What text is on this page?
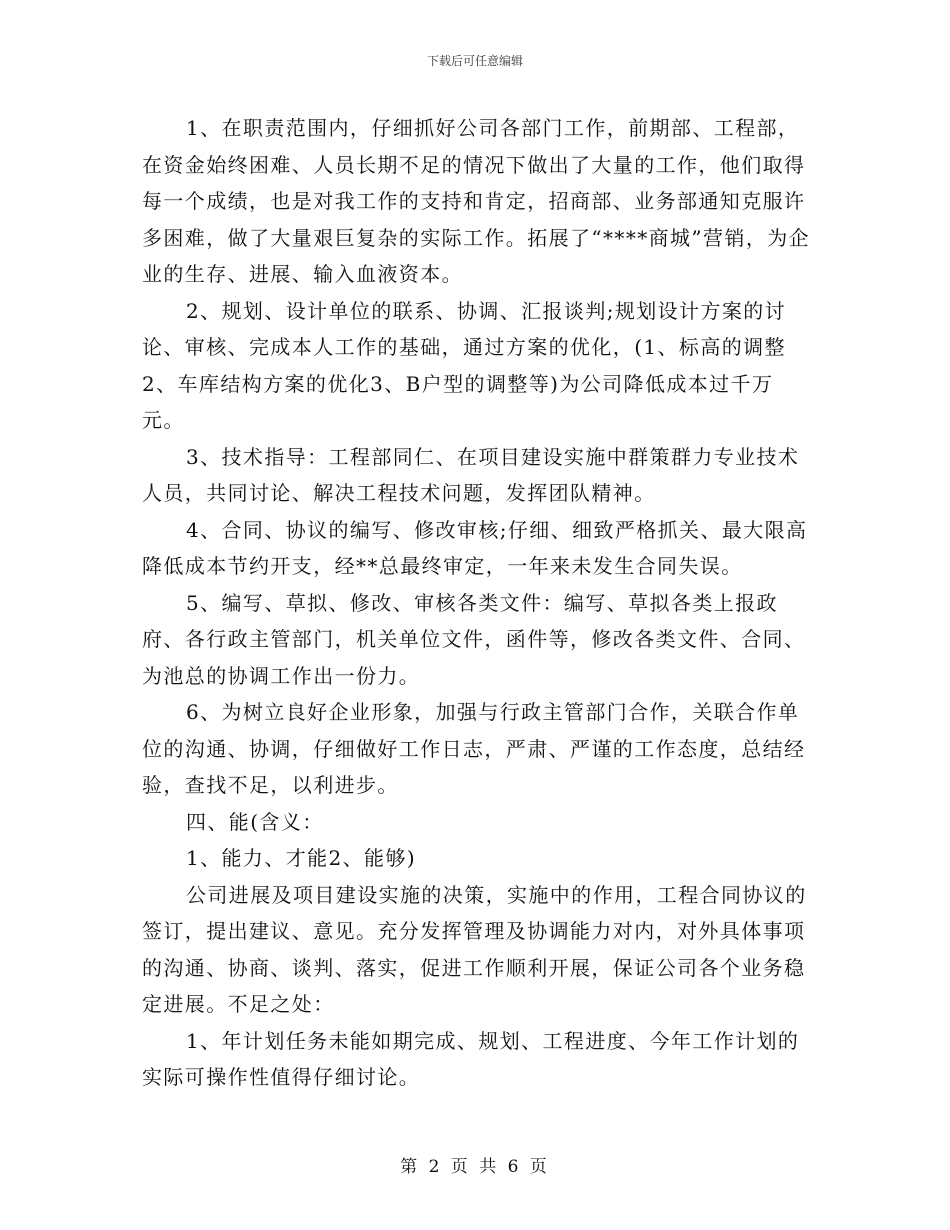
下载后可任意编辑

1、在职责范围内，仔细抓好公司各部门工作，前期部、工程部，在资金始终困难、人员长期不足的情况下做出了大量的工作，他们取得每一个成绩，也是对我工作的支持和肯定，招商部、业务部通知克服许多困难，做了大量艰巨复杂的实际工作。拓展了“****商城”营销，为企业的生存、进展、输入血液资本。

2、规划、设计单位的联系、协调、汇报谈判;规划设计方案的讨论、审核、完成本人工作的基础，通过方案的优化，(1、标高的调整2、车库结构方案的优化3、B户型的调整等)为公司降低成本过千万元。

3、技术指导：工程部同仁、在项目建设实施中群策群力专业技术人员，共同讨论、解决工程技术问题，发挥团队精神。

4、合同、协议的编写、修改审核;仔细、细致严格抓关、最大限高降低成本节约开支，经**总最终审定，一年来未发生合同失误。

5、编写、草拟、修改、审核各类文件：编写、草拟各类上报政府、各行政主管部门，机关单位文件，函件等，修改各类文件、合同、为池总的协调工作出一份力。

6、为树立良好企业形象，加强与行政主管部门合作，关联合作单位的沟通、协调，仔细做好工作日志，严肃、严谨的工作态度，总结经验，查找不足，以利进步。

四、能(含义：

1、能力、才能2、能够)

公司进展及项目建设实施的决策，实施中的作用，工程合同协议的签订，提出建议、意见。充分发挥管理及协调能力对内，对外具体事项的沟通、协商、谈判、落实，促进工作顺利开展，保证公司各个业务稳定进展。不足之处：

1、年计划任务未能如期完成、规划、工程进度、今年工作计划的实际可操作性值得仔细讨论。

第 2 页 共 6 页
